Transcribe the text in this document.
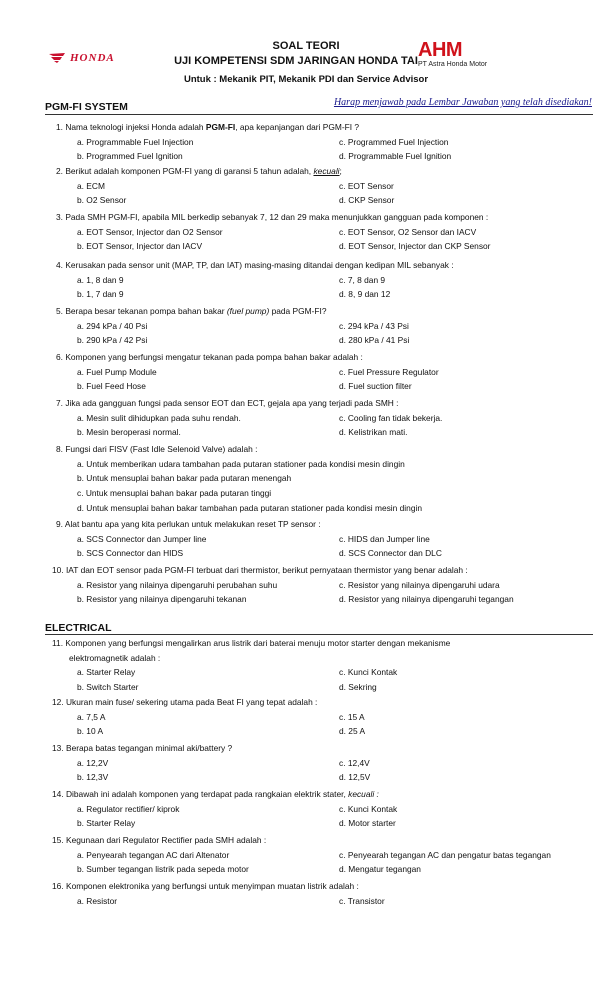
HONDA
SOAL TEORI
UJI KOMPETENSI SDM JARINGAN HONDA TAI
Untuk : Mekanik PIT, Mekanik PDI dan Service Advisor
AHM
PT Astra Honda Motor
Harap menjawab pada Lembar Jawaban yang telah disediakan!
PGM-FI SYSTEM
1. Nama teknologi injeksi Honda adalah PGM-FI, apa kepanjangan dari PGM-FI ?
a. Programmable Fuel Injection	c. Programmed Fuel Injection
b. Programmed Fuel Ignition	d. Programmable Fuel Ignition
2. Berikut adalah komponen PGM-FI yang di garansi 5 tahun adalah, kecuali;
a. ECM	c. EOT Sensor
b. O2 Sensor	d. CKP Sensor
3. Pada SMH PGM-FI, apabila MIL berkedip sebanyak 7, 12 dan 29 maka menunjukkan gangguan pada komponen :
a. EOT Sensor, Injector dan O2 Sensor	c. EOT Sensor, O2 Sensor dan IACV
b. EOT Sensor, Injector dan IACV	d. EOT Sensor, Injector dan CKP Sensor
4. Kerusakan pada sensor unit (MAP, TP, dan IAT) masing-masing ditandai dengan kedipan MIL sebanyak :
a. 1, 8 dan 9	c. 7, 8 dan 9
b. 1, 7 dan 9	d. 8, 9 dan 12
5. Berapa besar tekanan pompa bahan bakar (fuel pump) pada PGM-FI?
a. 294 kPa / 40 Psi	c. 294 kPa / 43 Psi
b. 290 kPa / 42 Psi	d. 280 kPa / 41 Psi
6. Komponen yang berfungsi mengatur tekanan pada pompa bahan bakar adalah :
a. Fuel Pump Module	c. Fuel Pressure Regulator
b. Fuel Feed Hose	d. Fuel suction filter
7. Jika ada gangguan fungsi pada sensor EOT dan ECT, gejala apa yang terjadi pada SMH :
a. Mesin sulit dihidupkan pada suhu rendah.	c. Cooling fan tidak bekerja.
b. Mesin beroperasi normal.	d. Kelistrikan mati.
8. Fungsi dari FISV (Fast Idle Selenoid Valve) adalah :
a. Untuk memberikan udara tambahan pada putaran stationer pada kondisi mesin dingin
b. Untuk mensuplai bahan bakar pada putaran menengah
c. Untuk mensuplai bahan bakar pada putaran tinggi
d. Untuk mensuplai bahan bakar tambahan pada putaran stationer pada kondisi mesin dingin
9. Alat bantu apa yang kita perlukan untuk melakukan reset TP sensor :
a. SCS Connector dan Jumper line	c. HIDS dan Jumper line
b. SCS Connector dan HIDS	d. SCS Connector dan DLC
10. IAT dan EOT sensor pada PGM-FI terbuat dari thermistor, berikut pernyataan thermistor yang benar adalah :
a. Resistor yang nilainya dipengaruhi perubahan suhu	c. Resistor yang nilainya dipengaruhi udara
b. Resistor yang nilainya dipengaruhi tekanan	d. Resistor yang nilainya dipengaruhi tegangan
ELECTRICAL
11. Komponen yang berfungsi mengalirkan arus listrik dari baterai menuju motor starter dengan mekanisme
elektromagnetik adalah :
a. Starter Relay	c. Kunci Kontak
b. Switch Starter	d. Sekring
12. Ukuran main fuse/ sekering utama pada Beat FI yang tepat adalah :
a. 7,5 A	c. 15 A
b. 10 A	d. 25 A
13. Berapa batas tegangan minimal aki/battery ?
a. 12,2V	c. 12,4V
b. 12,3V	d. 12,5V
14. Dibawah ini adalah komponen yang terdapat pada rangkaian elektrik stater, kecuali :
a. Regulator rectifier/ kiprok	c. Kunci Kontak
b. Starter Relay	d. Motor starter
15. Kegunaan dari Regulator Rectifier pada SMH adalah :
a. Penyearah tegangan AC dari Altenator	c. Penyearah tegangan AC dan pengatur batas tegangan
b. Sumber tegangan listrik pada sepeda motor	d. Mengatur tegangan
16. Komponen elektronika yang berfungsi untuk menyimpan muatan listrik adalah :
a. Resistor	c. Transistor
